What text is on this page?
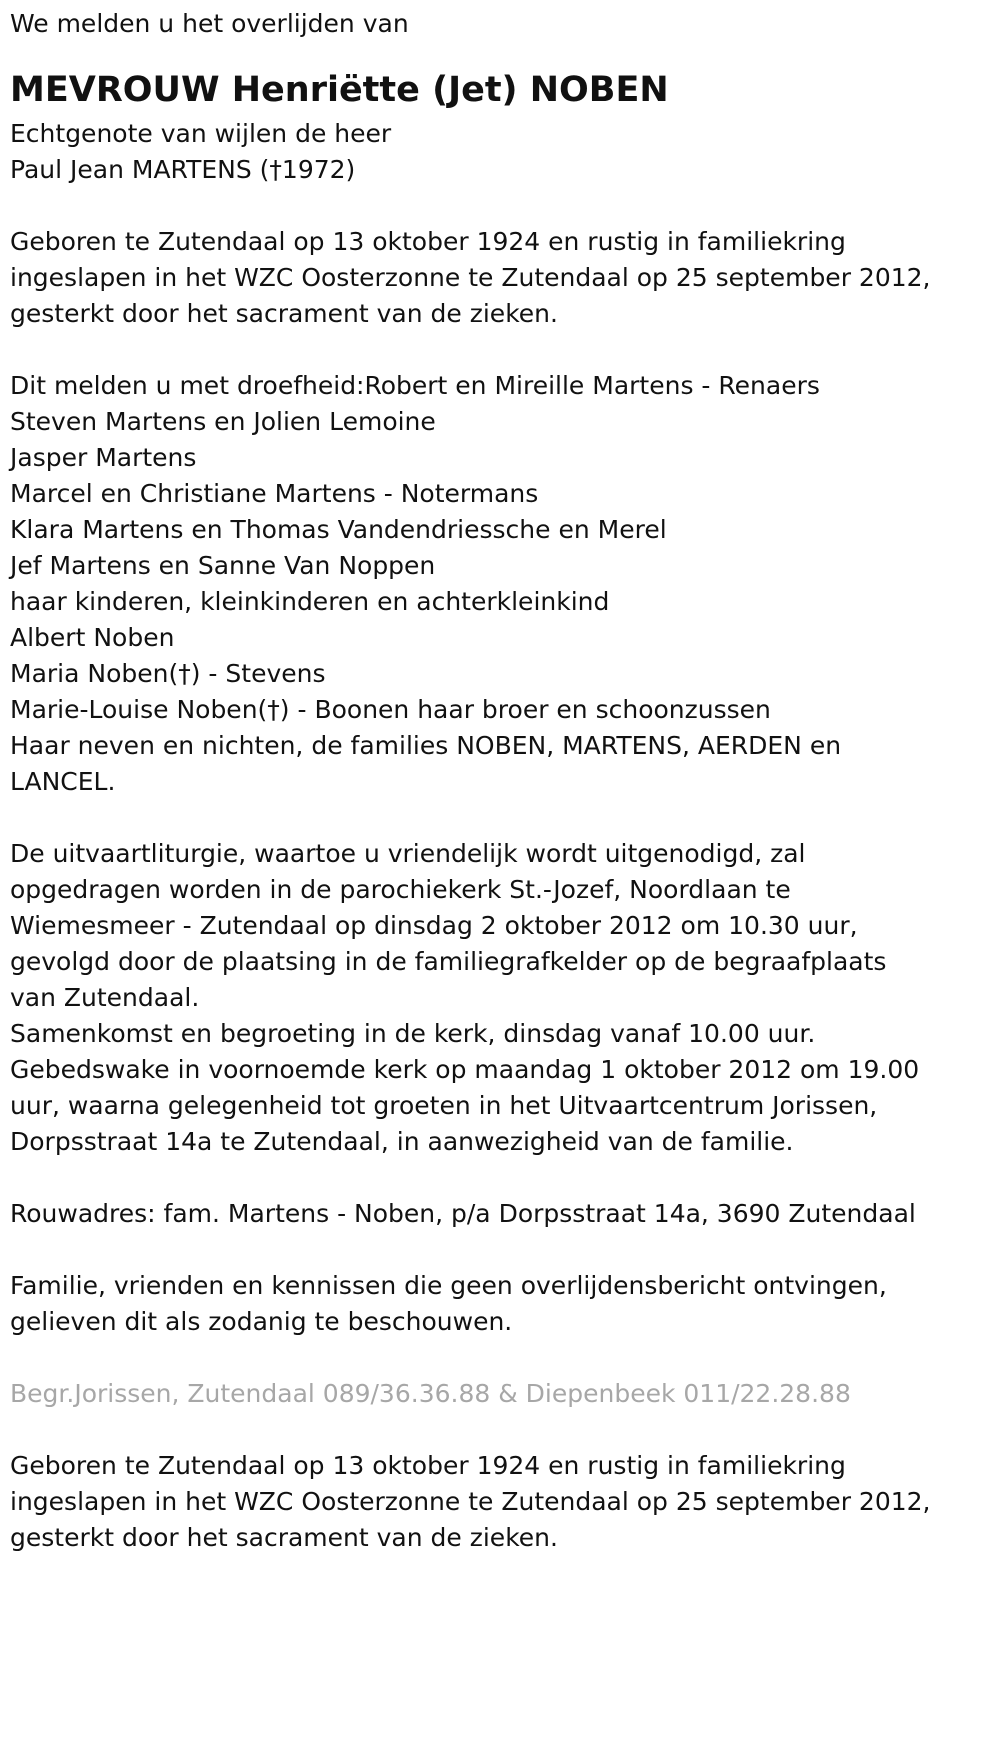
We melden u het overlijden van
MEVROUW Henriëtte (Jet) NOBEN
Echtgenote van wijlen de heer
Paul Jean MARTENS (†1972)
Geboren te Zutendaal op 13 oktober 1924 en rustig in familiekring
ingeslapen in het WZC Oosterzonne te Zutendaal op 25 september 2012,
gesterkt door het sacrament van de zieken.
Dit melden u met droefheid:Robert en Mireille Martens - Renaers
Steven Martens en Jolien Lemoine
Jasper Martens
Marcel en Christiane Martens - Notermans
Klara Martens en Thomas Vandendriessche en Merel
Jef Martens en Sanne Van Noppen
haar kinderen, kleinkinderen en achterkleinkind
Albert Noben
Maria Noben(†) - Stevens
Marie-Louise Noben(†) - Boonen haar broer en schoonzussen
Haar neven en nichten, de families NOBEN, MARTENS, AERDEN en
LANCEL.
De uitvaartliturgie, waartoe u vriendelijk wordt uitgenodigd, zal
opgedragen worden in de parochiekerk St.-Jozef, Noordlaan te
Wiemesmeer - Zutendaal op dinsdag 2 oktober 2012 om 10.30 uur,
gevolgd door de plaatsing in de familiegrafkelder op de begraafplaats
van Zutendaal.
Samenkomst en begroeting in de kerk, dinsdag vanaf 10.00 uur.
Gebedswake in voornoemde kerk op maandag 1 oktober 2012 om 19.00
uur, waarna gelegenheid tot groeten in het Uitvaartcentrum Jorissen,
Dorpsstraat 14a te Zutendaal, in aanwezigheid van de familie.
Rouwadres: fam. Martens - Noben, p/a Dorpsstraat 14a, 3690 Zutendaal
Familie, vrienden en kennissen die geen overlijdensbericht ontvingen,
gelieven dit als zodanig te beschouwen.
Begr.Jorissen, Zutendaal 089/36.36.88 & Diepenbeek 011/22.28.88
Geboren te Zutendaal op 13 oktober 1924 en rustig in familiekring
ingeslapen in het WZC Oosterzonne te Zutendaal op 25 september 2012,
gesterkt door het sacrament van de zieken.
